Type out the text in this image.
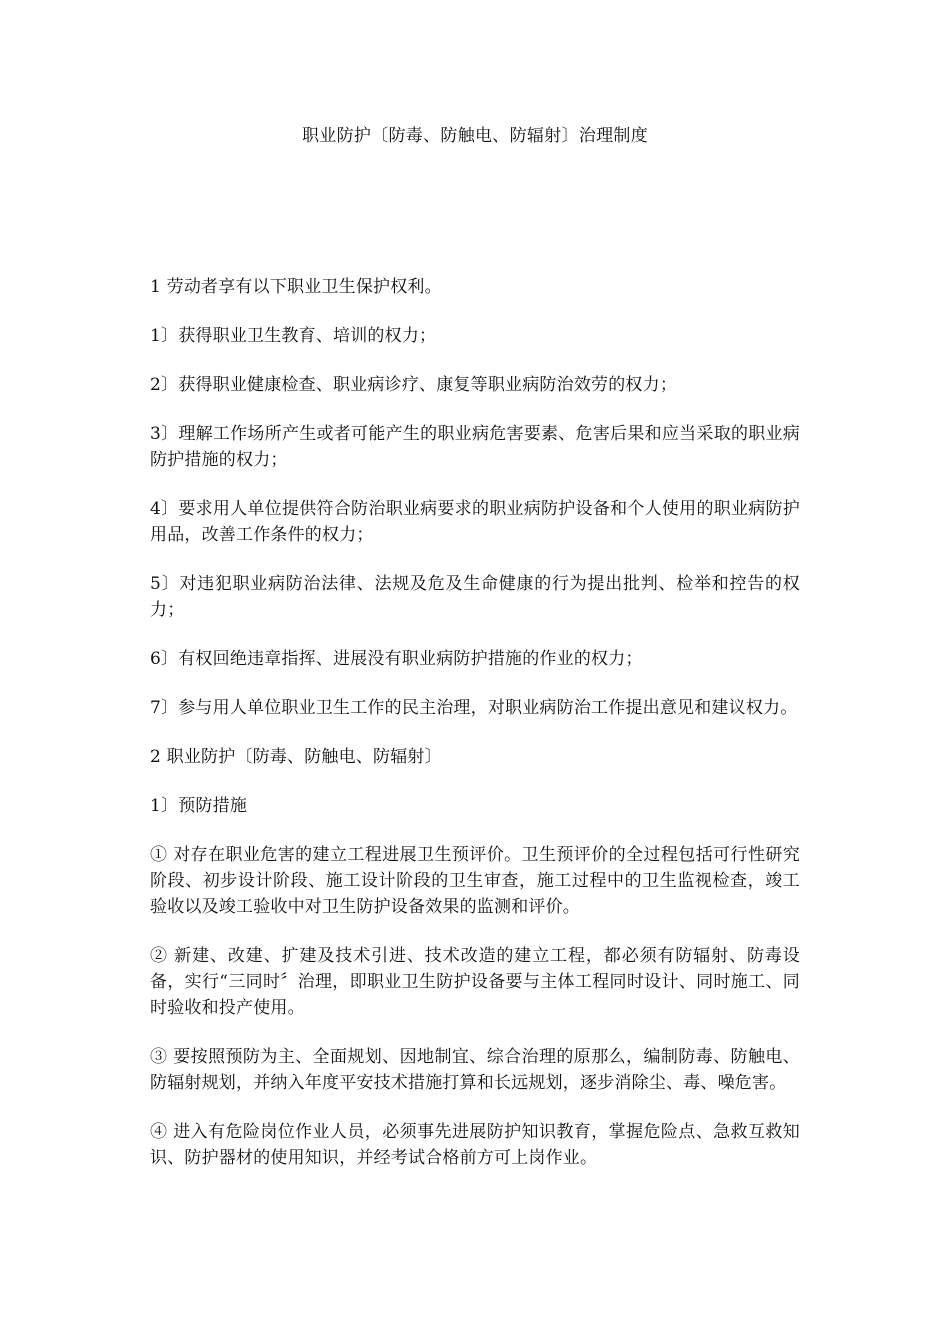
职业防护〔防毒、防触电、防辐射〕治理制度

1 劳动者享有以下职业卫生保护权利。

1〕获得职业卫生教育、培训的权力；

2〕获得职业健康检查、职业病诊疗、康复等职业病防治效劳的权力；

3〕理解工作场所产生或者可能产生的职业病危害要素、危害后果和应当采取的职业病防护措施的权力；

4〕要求用人单位提供符合防治职业病要求的职业病防护设备和个人使用的职业病防护用品，改善工作条件的权力；

5〕对违犯职业病防治法律、法规及危及生命健康的行为提出批判、检举和控告的权力；

6〕有权回绝违章指挥、进展没有职业病防护措施的作业的权力；

7〕参与用人单位职业卫生工作的民主治理，对职业病防治工作提出意见和建议权力。

2 职业防护〔防毒、防触电、防辐射〕

1〕预防措施

① 对存在职业危害的建立工程进展卫生预评价。卫生预评价的全过程包括可行性研究阶段、初步设计阶段、施工设计阶段的卫生审查，施工过程中的卫生监视检查，竣工验收以及竣工验收中对卫生防护设备效果的监测和评价。

② 新建、改建、扩建及技术引进、技术改造的建立工程，都必须有防辐射、防毒设备，实行“三同时〞治理，即职业卫生防护设备要与主体工程同时设计、同时施工、同时验收和投产使用。

③ 要按照预防为主、全面规划、因地制宜、综合治理的原那么，编制防毒、防触电、防辐射规划，并纳入年度平安技术措施打算和长远规划，逐步消除尘、毒、噪危害。

④ 进入有危险岗位作业人员，必须事先进展防护知识教育，掌握危险点、急救互救知识、防护器材的使用知识，并经考试合格前方可上岗作业。
